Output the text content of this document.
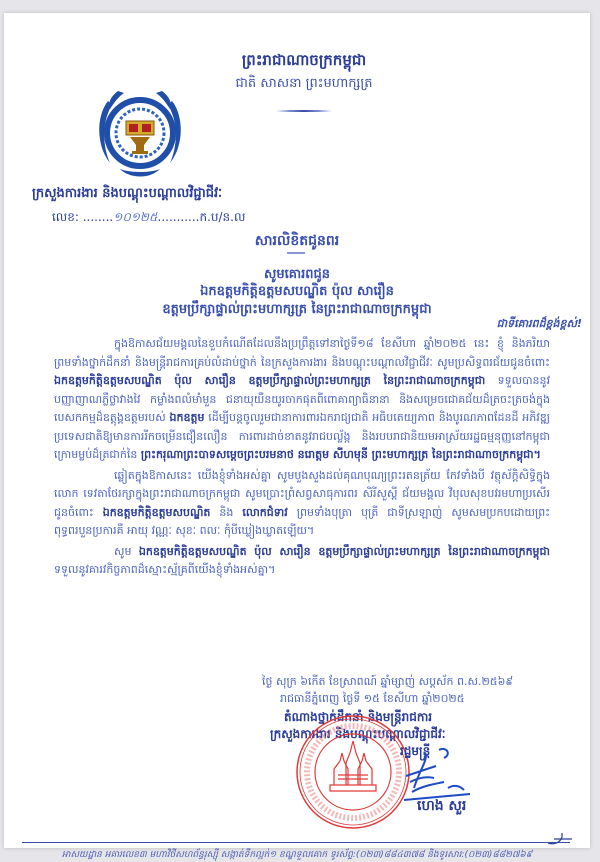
ព្រះរាជាណាចក្រកម្ពុជា
ជាតិ សាសនា ព្រះមហាក្សត្រ
ក្រសួងការងារ និងបណ្តុះបណ្តាលវិជ្ជាជីវៈ
លេខ: ........១០១២៥...........ក.ប/ន.ល
សារលិខិតជូនពរ
សូមគោរពជូន
ឯកឧត្តមកិត្តិឧត្តមសបណ្ឌិត ប៉ុល សារឿន
ឧត្តមប្រឹក្សាផ្ទាល់ព្រះមហាក្សត្រ នៃព្រះរាជាណាចក្រកម្ពុជា
ជាទីគោរពដ៏ខ្ពង់ខ្ពស់!

ក្នុងឱកាសជ័យមង្គលនៃខួបកំណើតដែលនឹងប្រព្រឹត្តទៅនាថ្ងៃទី១៨ ខែសីហា ឆ្នាំ២០២៥ នេះ ខ្ញុំ និងភរិយា ព្រមទាំងថ្នាក់ដឹកនាំ និងមន្ត្រីរាជការគ្រប់លំដាប់ថ្នាក់ នៃក្រសួងការងារ និងបណ្តុះបណ្តាលវិជ្ជាជីវៈ សូមប្រសិទ្ធពរជ័យជូនចំពោះ ឯកឧត្តមកិត្តិឧត្តមសបណ្ឌិត ប៉ុល សារឿន ឧត្តមប្រឹក្សាផ្ទាល់ព្រះមហាក្សត្រ នៃព្រះរាជាណាចក្រកម្ពុជា ទទួលបាននូវបញ្ញាញាណភ្លឺថ្លាវាងវៃ កម្លាំងពលំមាំមួន ជនាយុយឺនយូរចាកផុតពីពោគាព្យាធិនានា និងសម្រេចជោគជ័យដ៏ត្រចះត្រចង់ក្នុងបេសកកម្មដ៏ឧត្តុង្គឧត្តមរបស់ ឯកឧត្តម ដើម្បីបន្តចូលរួមជានាការពារឯករាជ្យជាតិ អធិបតេយ្យភាព និងបូរណភាពដែនដី អភិវឌ្ឍប្រទេសជាតិឱ្យមានការរីកចម្រើនជឿនលឿន ការពារដាច់ខាតនូវរាជបល្ល័ង្ក និងរបបរាជានិយមអាស្រ័យរដ្ឋធម្មនុញ្ញនៅកម្ពុជា ក្រោមម្លប់ដ៏ត្រជាក់នៃ ព្រះករុណាព្រះបាទសម្តេចព្រះបរមនាថ នរោត្តម សីហមុនី ព្រះមហាក្សត្រ នៃព្រះរាជាណាចក្រកម្ពុជា។

ឆ្លៀតក្នុងឱកាសនេះ យើងខ្ញុំទាំងអស់គ្នា សូមបួងសួងដល់គុណបុណ្យព្រះរតនត្រ័យ កែវទាំងបី វត្ថុស័ក្តិសិទ្ធិក្នុងលោក ទេវតាថែរក្សាក្នុងព្រះរាជាណាចក្រកម្ពុជា សូមប្រោះព្រំសព្វសាធុការពរ សិរីសួស្តី ជ័យមង្គល វិបុលសុខបវរមហាប្រសើរ ជូនចំពោះ ឯកឧត្តមកិត្តិឧត្តមសបណ្ឌិត និង លោកជំទាវ ព្រមទាំងបុត្រា បុត្រី ជាទីស្រឡាញ់ សូមសមប្រកបដោយព្រះពុទ្ធពរបួនប្រការគឺ អាយុ វណ្ណៈ សុខៈ ពលៈ កុំបីឃ្លៀងឃ្លាតឡើយ។

សូម ឯកឧត្តមកិត្តិឧត្តមសបណ្ឌិត ប៉ុល សារឿន ឧត្តមប្រឹក្សាផ្ទាល់ព្រះមហាក្សត្រ នៃព្រះរាជាណាចក្រកម្ពុជា ទទួលនូវគារវកិច្ចភាពដ៏ស្មោះស្ម័គ្រពីយើងខ្ញុំទាំងអស់គ្នា។

ថ្ងៃ សុក្រ ៦កើត ខែស្រាពណ៍ ឆ្នាំម្សាញ់ សប្តស័ក ព.ស.២៥៦៩
រាជធានីភ្នំពេញ ថ្ងៃទី ១៥ ខែសីហា ឆ្នាំ២០២៥
តំណាងថ្នាក់ដឹកនាំ និងមន្ត្រីរាជការ
ក្រសួងការងារ និងបណ្តុះបណ្តាលវិជ្ជាជីវៈ
រដ្ឋមន្ត្រី
ហេង សួរ
អាសយដ្ឋាន អគារលេខ៣ មហាវិថីសហព័ន្ធរុស្ស៊ី សង្កាត់ទឹកល្អក់១ ខណ្ឌទួលគោក ទូរស័ព្ទ:(០២៣)៨៨៤៣៧៨ និងទូរសារ:(០២៣)៨៨២៧៦៩
